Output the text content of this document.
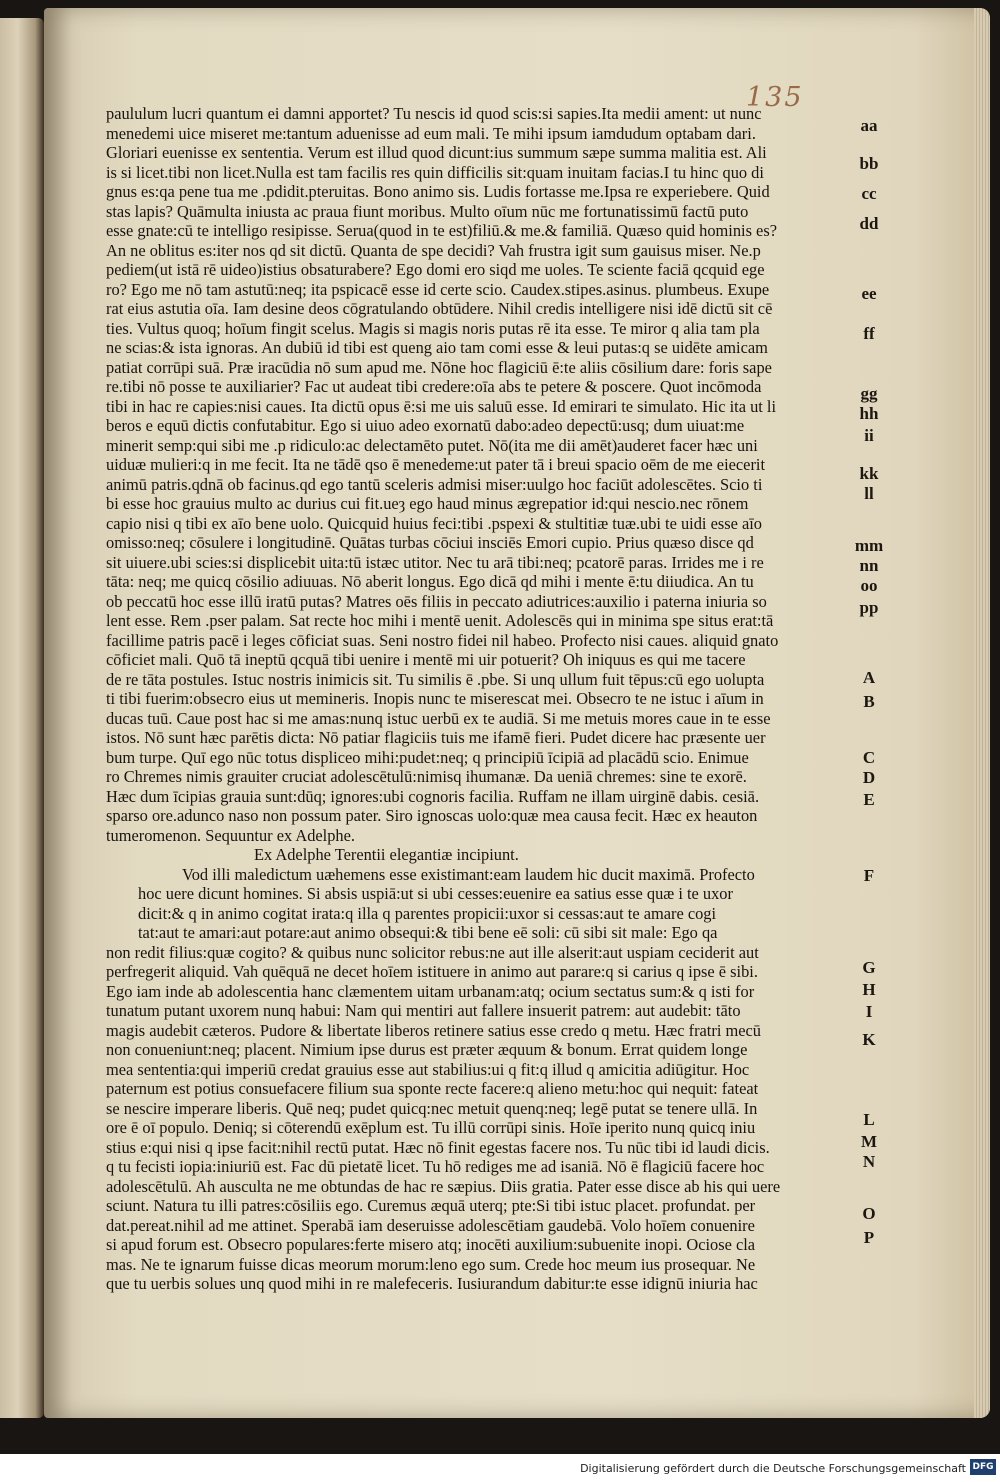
135
paululum lucri quantum ei damni apportet? Tu nescis id quod scis:si sapies.Ita medii ament: ut nunc
menedemi uice miseret me:tantum aduenisse ad eum mali. Te mihi ipsum iamdudum optabam dari.
Gloriari euenisse ex sententia. Verum est illud quod dicunt:ius summum sæpe summa malitia est. Ali
is si licet.tibi non licet.Nulla est tam facilis res quin difficilis sit:quam inuitam facias.I tu hinc quo di
gnus es:qa pene tua me .pdidit.pteruitas. Bono animo sis. Ludis fortasse me.Ipsa re experiebere. Quid
stas lapis? Quāmulta iniusta ac praua fiunt moribus. Multo oīum nūc me fortunatissimū factū puto
esse gnate:cū te intelligo resipisse. Serua(quod in te est)filiū.& me.& familiā. Quæso quid hominis es?
An ne oblitus es:iter nos qd sit dictū. Quanta de spe decidi? Vah frustra igit sum gauisus miser. Ne.p
pediem(ut istā rē uideo)istius obsaturabere? Ego domi ero siqd me uoles. Te sciente faciā qcquid ege
ro? Ego me nō tam astutū:neq; ita pspicacē esse id certe scio. Caudex.stipes.asinus. plumbeus. Exupe
rat eius astutia oīa. Iam desine deos cōgratulando obtūdere. Nihil credis intelligere nisi idē dictū sit cē
ties. Vultus quoq; hoīum fingit scelus. Magis si magis noris putas rē ita esse. Te miror q alia tam pla
ne scias:& ista ignoras. An dubiū id tibi est queng aio tam comi esse & leui putas:q se uidēte amicam
patiat corrūpi suā. Præ iracūdia nō sum apud me. Nōne hoc flagiciū ē:te aliis cōsilium dare: foris sape
re.tibi nō posse te auxiliarier? Fac ut audeat tibi credere:oīa abs te petere & poscere. Quot incōmoda
tibi in hac re capies:nisi caues. Ita dictū opus ē:si me uis saluū esse. Id emirari te simulato. Hic ita ut li
beros e equū dictis confutabitur. Ego si uiuo adeo exornatū dabo:adeo depectū:usq; dum uiuat:me
minerit semp:qui sibi me .p ridiculo:ac delectamēto putet. Nō(ita me dii amēt)auderet facer hæc uni
uiduæ mulieri:q in me fecit. Ita ne tādē qso ē menedeme:ut pater tā i breui spacio oēm de me eiecerit
animū patris.qdnā ob facinus.qd ego tantū sceleris admisi miser:uulgo hoc faciūt adolescētes. Scio ti
bi esse hoc grauius multo ac durius cui fit.ueȝ ego haud minus ægrepatior id:qui nescio.nec rōnem
capio nisi q tibi ex aīo bene uolo. Quicquid huius feci:tibi .pspexi & stultitiæ tuæ.ubi te uidi esse aīo
omisso:neq; cōsulere i longitudinē. Quātas turbas cōciui insciēs Emori cupio. Prius quæso disce qd
sit uiuere.ubi scies:si displicebit uita:tū istæc utitor. Nec tu arā tibi:neq; pcatorē paras. Irrides me i re
tāta: neq; me quicq cōsilio adiuuas. Nō aberit longus. Ego dicā qd mihi i mente ē:tu diiudica. An tu
ob peccatū hoc esse illū iratū putas? Matres oēs filiis in peccato adiutrices:auxilio i paterna iniuria so
lent esse. Rem .pser palam. Sat recte hoc mihi i mentē uenit. Adolescēs qui in minima spe situs erat:tā
facillime patris pacē i leges cōficiat suas. Seni nostro fidei nil habeo. Profecto nisi caues. aliquid gnato
cōficiet mali. Quō tā ineptū qcquā tibi uenire i mentē mi uir potuerit? Oh iniquus es qui me tacere
de re tāta postules. Istuc nostris inimicis sit. Tu similis ē .pbe. Si unq ullum fuit tēpus:cū ego uolupta
ti tibi fuerim:obsecro eius ut memineris. Inopis nunc te miserescat mei. Obsecro te ne istuc i aīum in
ducas tuū. Caue post hac si me amas:nunq istuc uerbū ex te audiā. Si me metuis mores caue in te esse
istos. Nō sunt hæc parētis dicta: Nō patiar flagiciis tuis me ifamē fieri. Pudet dicere hac præsente uer
bum turpe. Quī ego nūc totus displiceo mihi:pudet:neq; q principiū īcipiā ad placādū scio. Enimue
ro Chremes nimis grauiter cruciat adolescētulū:nimisq ihumanæ. Da ueniā chremes: sine te exorē.
Hæc dum īcipias grauia sunt:dūq; ignores:ubi cognoris facilia. Ruffam ne illam uirginē dabis. cesiā.
sparso ore.adunco naso non possum pater. Siro ignoscas uolo:quæ mea causa fecit. Hæc ex heauton
tumeromenon. Sequuntur ex Adelphe.
Ex Adelphe Terentii elegantiæ incipiunt.
Vod illi maledictum uæhemens esse existimant:eam laudem hic ducit maximā. Profecto
hoc uere dicunt homines. Si absis uspiā:ut si ubi cesses:euenire ea satius esse quæ i te uxor
dicit:& q in animo cogitat irata:q illa q parentes propicii:uxor si cessas:aut te amare cogi
tat:aut te amari:aut potare:aut animo obsequi:& tibi bene eē soli: cū sibi sit male: Ego qa
non redit filius:quæ cogito? & quibus nunc solicitor rebus:ne aut ille alserit:aut uspiam ceciderit aut
perfregerit aliquid. Vah quēquā ne decet hoīem istituere in animo aut parare:q si carius q ipse ē sibi.
Ego iam inde ab adolescentia hanc clæmentem uitam urbanam:atq; ocium sectatus sum:& q isti for
tunatum putant uxorem nunq habui: Nam qui mentiri aut fallere insuerit patrem: aut audebit: tāto
magis audebit cæteros. Pudore & libertate liberos retinere satius esse credo q metu. Hæc fratri mecū
non conueniunt:neq; placent. Nimium ipse durus est præter æquum & bonum. Errat quidem longe
mea sententia:qui imperiū credat grauius esse aut stabilius:ui q fit:q illud q amicitia adiūgitur. Hoc
paternum est potius consuefacere filium sua sponte recte facere:q alieno metu:hoc qui nequit: fateat
se nescire imperare liberis. Quē neq; pudet quicq:nec metuit quenq:neq; legē putat se tenere ullā. In
ore ē oī populo. Deniq; si cōterendū exēplum est. Tu illū corrūpi sinis. Hoīe iperito nunq quicq iniu
stius e:qui nisi q ipse facit:nihil rectū putat. Hæc nō finit egestas facere nos. Tu nūc tibi id laudi dicis.
q tu fecisti iopia:iniuriū est. Fac dū pietatē licet. Tu hō rediges me ad isaniā. Nō ē flagiciū facere hoc
adolescētulū. Ah ausculta ne me obtundas de hac re sæpius. Diis gratia. Pater esse disce ab his qui uere
sciunt. Natura tu illi patres:cōsiliis ego. Curemus æquā uterq; pte:Si tibi istuc placet. profundat. per
dat.pereat.nihil ad me attinet. Sperabā iam deseruisse adolescētiam gaudebā. Volo hoīem conuenire
si apud forum est. Obsecro populares:ferte misero atq; inocēti auxilium:subuenite inopi. Ociose cla
mas. Ne te ignarum fuisse dicas meorum morum:leno ego sum. Crede hoc meum ius prosequar. Ne
que tu uerbis solues unq quod mihi in re malefeceris. Iusiurandum dabitur:te esse idignū iniuria hac
aa
bb
cc
dd
ee
ff
gg
hh
ii
kk
ll
mm
nn
oo
pp
A
B
C
D
E
F
G
H
I
K
L
M
N
O
P
Digitalisierung gefördert durch die Deutsche Forschungsgemeinschaft DFG
